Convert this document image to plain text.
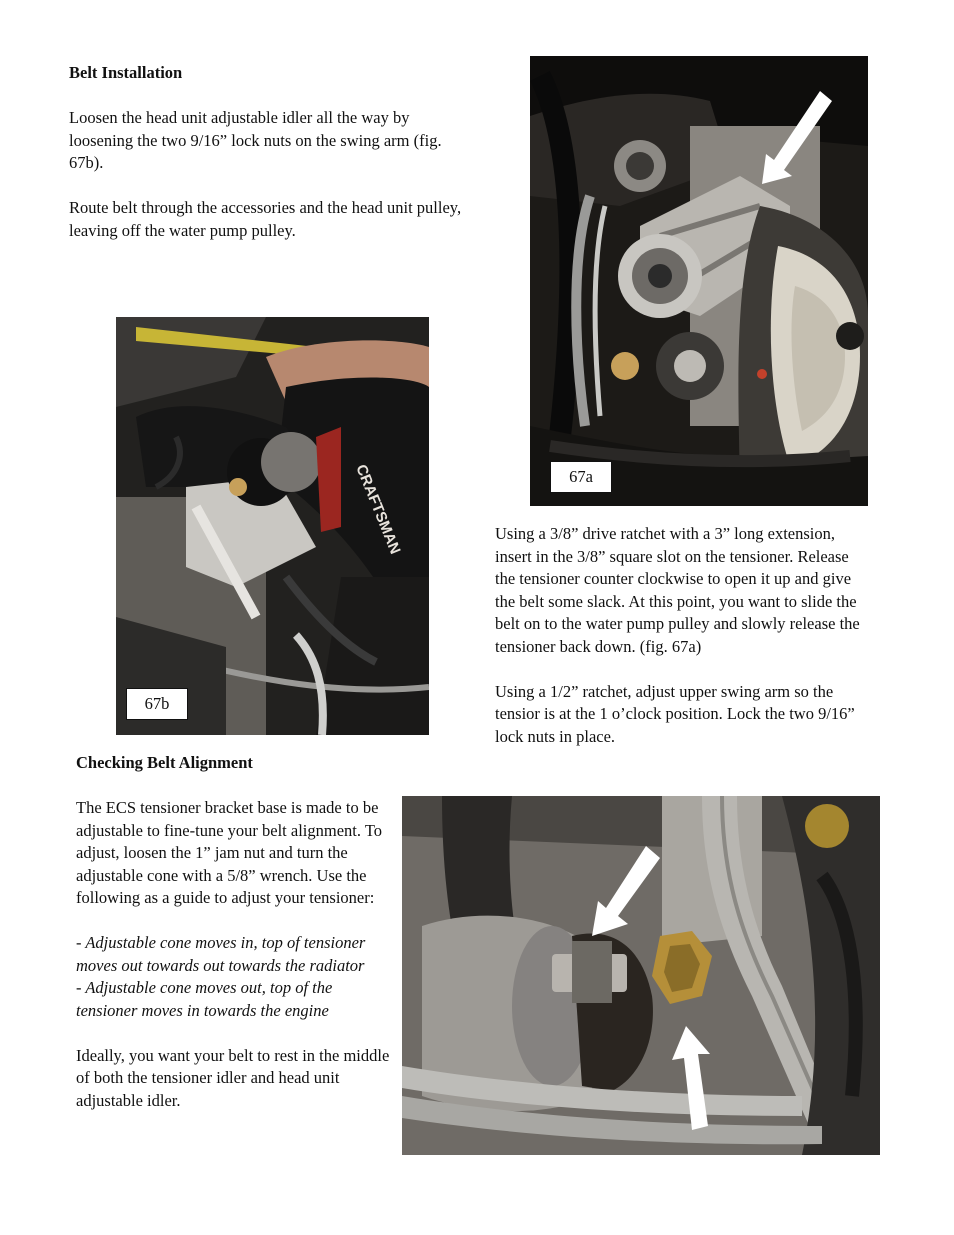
Belt Installation

Loosen the head unit adjustable idler all the way by loosening the two 9/16” lock nuts on the swing arm (fig. 67b).

Route belt through the accessories and the head unit pulley, leaving off the water pump pulley.

67a
CRAFTSMAN
67b

Using a 3/8” drive ratchet with a 3” long extension, insert in the 3/8” square slot on the tensioner. Release the tensioner counter clockwise to open it up and give the belt some slack. At this point, you want to slide the belt on to the water pump pulley and slowly release the tensioner back down. (fig. 67a)

Using a 1/2” ratchet, adjust upper swing arm so the tensior is at the 1 o’clock position. Lock the two 9/16” lock nuts in place.

Checking Belt Alignment

The ECS tensioner bracket base is made to be adjustable to fine-tune your belt alignment. To adjust, loosen the 1” jam nut and turn the adjustable cone with a 5/8” wrench. Use the following as a guide to adjust your tensioner:

- Adjustable cone moves in, top of tensioner moves out towards out towards the radiator

- Adjustable cone moves out, top of the tensioner moves in towards the engine

Ideally, you want your belt to rest in the middle of both the tensioner idler and head unit adjustable idler.
